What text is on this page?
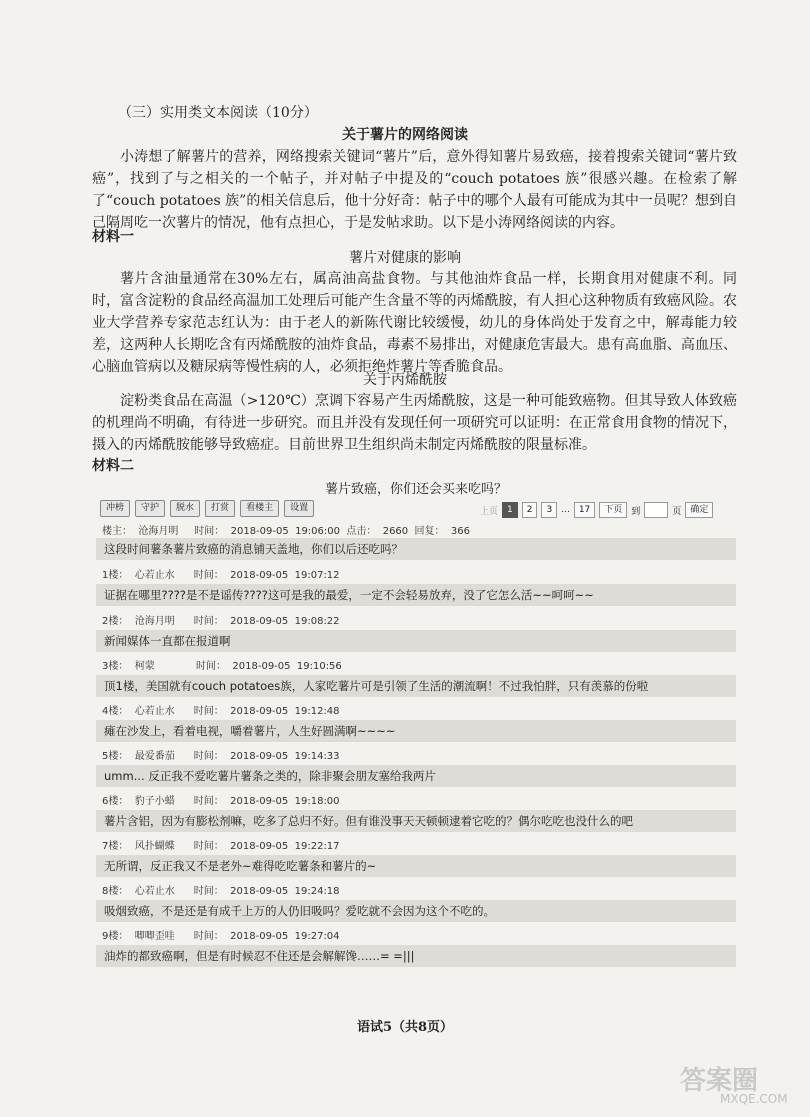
（三）实用类文本阅读（10分）
关于薯片的网络阅读
小涛想了解薯片的营养，网络搜索关键词“薯片”后，意外得知薯片易致癌，接着搜索关键词“薯片致癌”，找到了与之相关的一个帖子，并对帖子中提及的“couch potatoes 族”很感兴趣。在检索了解了“couch potatoes 族”的相关信息后，他十分好奇：帖子中的哪个人最有可能成为其中一员呢？想到自己隔周吃一次薯片的情况，他有点担心，于是发帖求助。以下是小涛网络阅读的内容。
材料一
薯片对健康的影响
薯片含油量通常在30%左右，属高油高盐食物。与其他油炸食品一样，长期食用对健康不利。同时，富含淀粉的食品经高温加工处理后可能产生含量不等的丙烯酰胺，有人担心这种物质有致癌风险。农业大学营养专家范志红认为：由于老人的新陈代谢比较缓慢，幼儿的身体尚处于发育之中，解毒能力较差，这两种人长期吃含有丙烯酰胺的油炸食品，毒素不易排出，对健康危害最大。患有高血脂、高血压、心脑血管病以及糖尿病等慢性病的人，必须拒绝炸薯片等香脆食品。
关于丙烯酰胺
淀粉类食品在高温（>120℃）烹调下容易产生丙烯酰胺，这是一种可能致癌物。但其导致人体致癌的机理尚不明确，有待进一步研究。而且并没有发现任何一项研究可以证明：在正常食用食物的情况下，摄入的丙烯酰胺能够导致癌症。目前世界卫生组织尚未制定丙烯酰胺的限量标准。
材料二
薯片致癌，你们还会买来吃吗？
冲榜	守护	脱水	打赏	看楼主	设置	上页	1	2	3	...	17	下页	到	页	确定
楼主：  沧海月明     时间：  2018-09-05  19:06:00  点击：  2660  回复：  366
这段时间薯条薯片致癌的消息铺天盖地，你们以后还吃吗？
1楼：  心若止水      时间：  2018-09-05  19:07:12
证据在哪里????是不是谣传????这可是我的最爱，一定不会轻易放弃，没了它怎么活~~呵呵~~
2楼：  沧海月明      时间：  2018-09-05  19:08:22
新闻媒体一直都在报道啊
3楼：  柯蒙             时间：  2018-09-05  19:10:56
顶1楼，美国就有couch potatoes族，人家吃薯片可是引领了生活的潮流啊！不过我怕胖，只有羡慕的份啦
4楼：  心若止水      时间：  2018-09-05  19:12:48
瘫在沙发上，看着电视，嚼着薯片，人生好圆满啊~~~~
5楼：  最爱番茄      时间：  2018-09-05  19:14:33
umm... 反正我不爱吃薯片薯条之类的，除非聚会朋友塞给我两片
6楼：  豹子小蜡      时间：  2018-09-05  19:18:00
薯片含铝，因为有膨松剂嘛，吃多了总归不好。但有谁没事天天顿顿逮着它吃的？偶尔吃吃也没什么的吧
7楼：  风扑蝴蝶      时间：  2018-09-05  19:22:17
无所谓，反正我又不是老外~难得吃吃薯条和薯片的~
8楼：  心若止水      时间：  2018-09-05  19:24:18
吸烟致癌，不是还是有成千上万的人仍旧吸吗？爱吃就不会因为这个不吃的。
9楼：  唧唧歪哇      时间：  2018-09-05  19:27:04
油炸的都致癌啊，但是有时候忍不住还是会解解馋……= =|||
语试5（共8页）
答案圈
MXQE.COM
